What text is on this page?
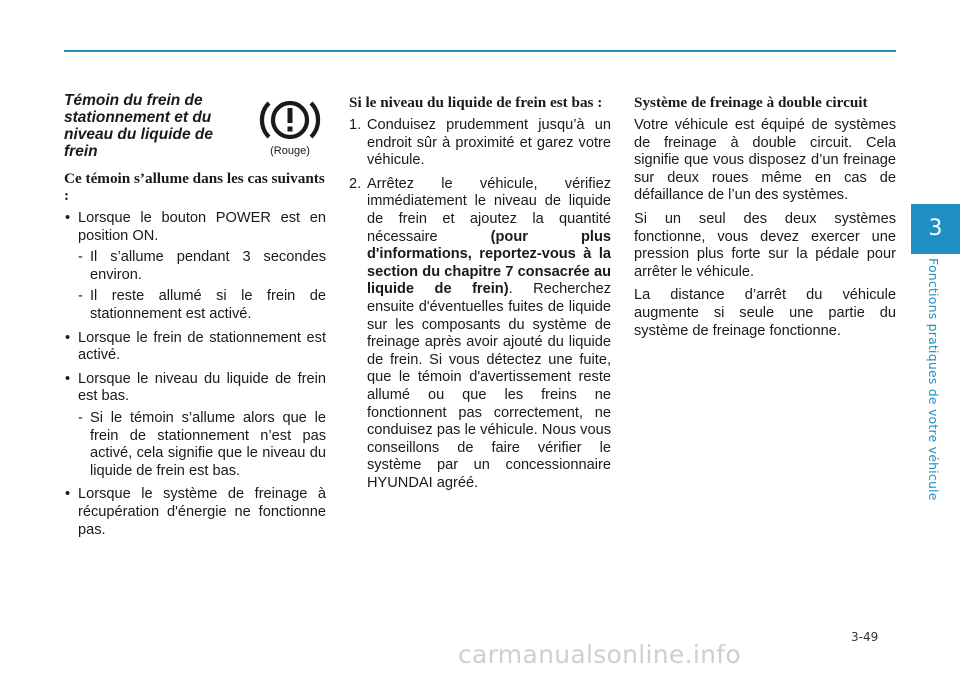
Témoin du frein de stationnement et du niveau du liquide de frein	(Rouge)
Ce témoin s’allume dans les cas suivants :
• Lorsque le bouton POWER est en position ON.
- Il s’allume pendant 3 secondes environ.
- Il reste allumé si le frein de stationnement est activé.
• Lorsque le frein de stationnement est activé.
• Lorsque le niveau du liquide de frein est bas.
- Si le témoin s’allume alors que le frein de stationnement n’est pas activé, cela signifie que le niveau du liquide de frein est bas.
• Lorsque le système de freinage à récupération d'énergie ne fonctionne pas.
Si le niveau du liquide de frein est bas :
1. Conduisez prudemment jusqu’à un endroit sûr à proximité et garez votre véhicule.
2. Arrêtez le véhicule, vérifiez immédiatement le niveau de liquide de frein et ajoutez la quantité nécessaire (pour plus d'informations, reportez-vous à la section du chapitre 7 consacrée au liquide de frein). Recherchez ensuite d'éventuelles fuites de liquide sur les composants du système de freinage après avoir ajouté du liquide de frein. Si vous détectez une fuite, que le témoin d'avertissement reste allumé ou que les freins ne fonctionnent pas correctement, ne conduisez pas le véhicule. Nous vous conseillons de faire vérifier le système par un concessionnaire HYUNDAI agréé.
Système de freinage à double circuit

Votre véhicule est équipé de systèmes de freinage à double circuit. Cela signifie que vous disposez d’un freinage sur deux roues même en cas de défaillance de l’un des systèmes.

Si un seul des deux systèmes fonctionne, vous devez exercer une pression plus forte sur la pédale pour arrêter le véhicule.

La distance d’arrêt du véhicule augmente si seule une partie du système de freinage fonctionne.

3
Fonctions pratiques de votre véhicule
3-49
carmanualsonline.info
